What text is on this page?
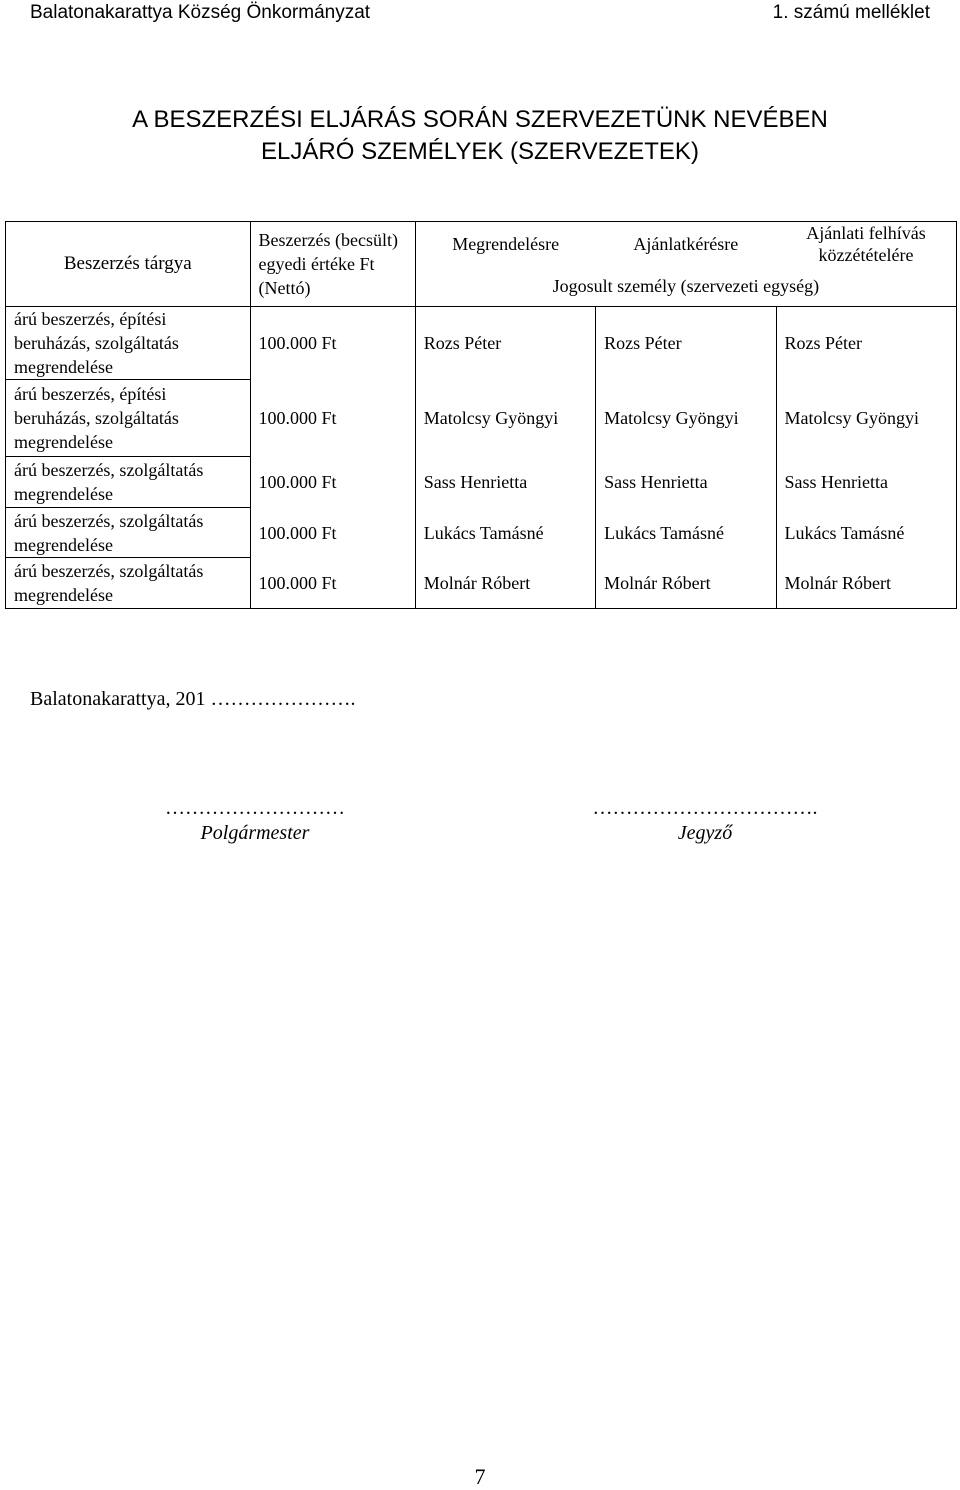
Balatonakarattya Község Önkormányzat	1. számú melléklet
A BESZERZÉSI ELJÁRÁS SORÁN SZERVEZETÜNK NEVÉBEN
ELJÁRÓ SZEMÉLYEK (SZERVEZETEK)
Beszerzés tárgya	Beszerzés (becsült) egyedi értéke Ft (Nettó)	Megrendelésre	Ajánlatkérésre	Ajánlati felhívás közzétételére
		Jogosult személy (szervezeti egység)		
árú beszerzés, építési beruházás, szolgáltatás megrendelése	100.000 Ft	Rozs Péter	Rozs Péter	Rozs Péter
árú beszerzés, építési beruházás, szolgáltatás megrendelése	100.000 Ft	Matolcsy Gyöngyi	Matolcsy Gyöngyi	Matolcsy Gyöngyi
árú beszerzés, szolgáltatás megrendelése	100.000 Ft	Sass Henrietta	Sass Henrietta	Sass Henrietta
árú beszerzés, szolgáltatás megrendelése	100.000 Ft	Lukács Tamásné	Lukács Tamásné	Lukács Tamásné
árú beszerzés, szolgáltatás megrendelése	100.000 Ft	Molnár Róbert	Molnár Róbert	Molnár Róbert
Balatonakarattya, 201 ………………….
………………………
Polgármester
…………………………….
Jegyző
7
